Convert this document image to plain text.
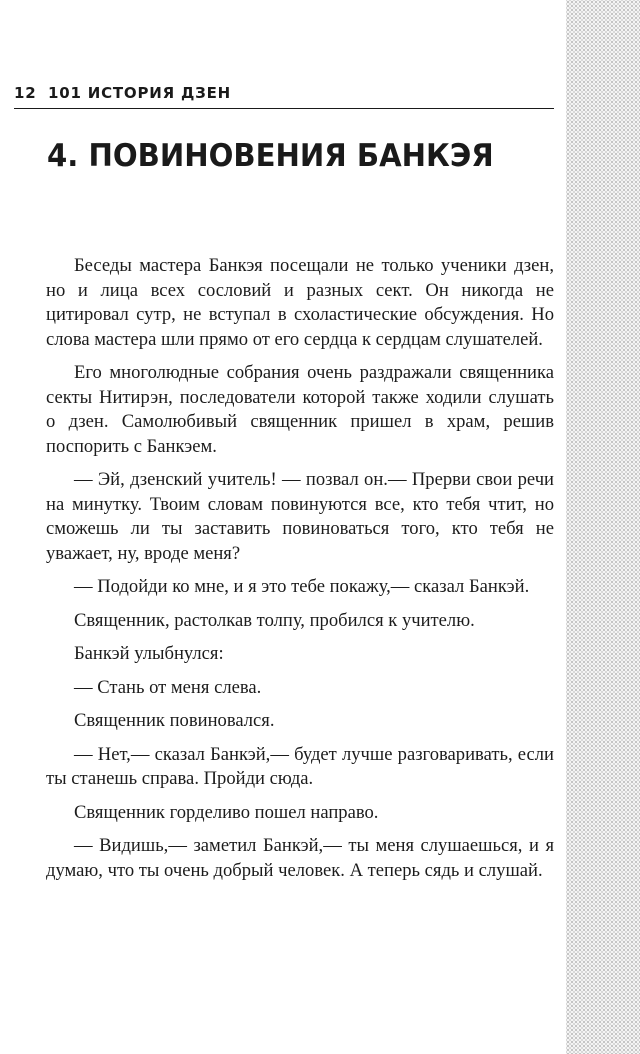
12 101 ИСТОРИЯ ДЗЕН
4. ПОВИНОВЕНИЯ БАНКЭЯ

Беседы мастера Банкэя посещали не только ученики дзен, но и лица всех сословий и разных сект. Он никогда не цитировал сутр, не вступал в схоластические обсуждения. Но слова мастера шли прямо от его сердца к сердцам слушателей.

Его многолюдные собрания очень раздражали священника секты Нитирэн, последователи которой также ходили слушать о дзен. Самолюбивый священник пришел в храм, решив поспорить с Банкэем.

— Эй, дзенский учитель! — позвал он.— Прерви свои речи на минутку. Твоим словам повинуются все, кто тебя чтит, но сможешь ли ты заставить повиноваться того, кто тебя не уважает, ну, вроде меня?

— Подойди ко мне, и я это тебе покажу,— сказал Банкэй.

Священник, растолкав толпу, пробился к учителю.

Банкэй улыбнулся:

— Стань от меня слева.

Священник повиновался.

— Нет,— сказал Банкэй,— будет лучше разговаривать, если ты станешь справа. Пройди сюда.

Священник горделиво пошел направо.

— Видишь,— заметил Банкэй,— ты меня слушаешься, и я думаю, что ты очень добрый человек. А теперь сядь и слушай.
